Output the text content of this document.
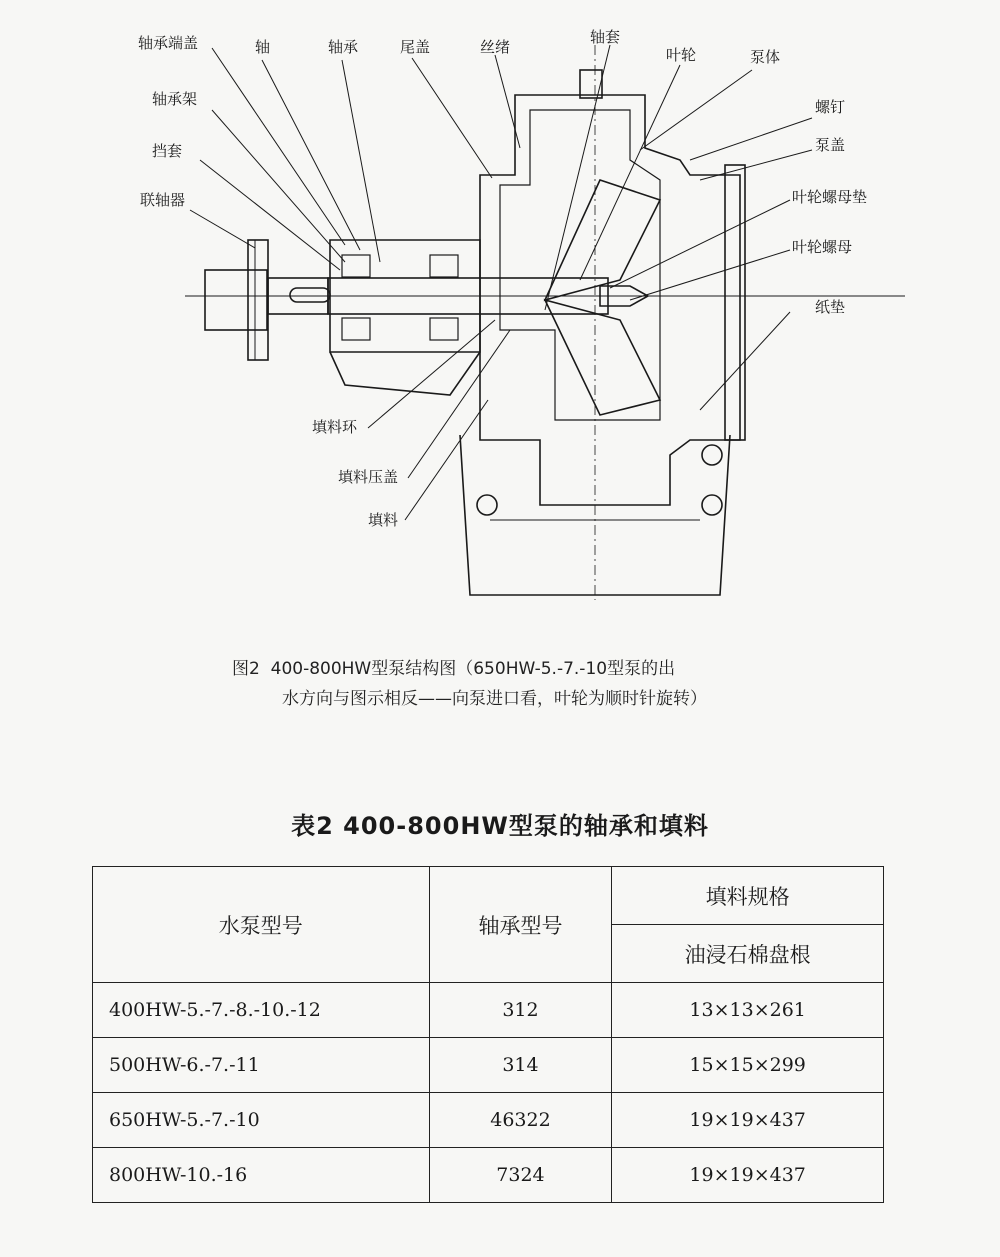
轴承端盖	轴	轴承	尾盖	丝绪
轴套
叶轮	泵体
轴承架
挡套
联轴器
螺钉
泵盖
叶轮螺母垫
叶轮螺母
纸垫
填料环
填料压盖
填料
图2  400-800HW型泵结构图（650HW-5.-7.-10型泵的出
水方向与图示相反——向泵进口看，叶轮为顺时针旋转）
表2 400-800HW型泵的轴承和填料
水泵型号	轴承型号	填料规格
		油浸石棉盘根
400HW-5.-7.-8.-10.-12	312	13×13×261
500HW-6.-7.-11	314	15×15×299
650HW-5.-7.-10	46322	19×19×437
800HW-10.-16	7324	19×19×437
